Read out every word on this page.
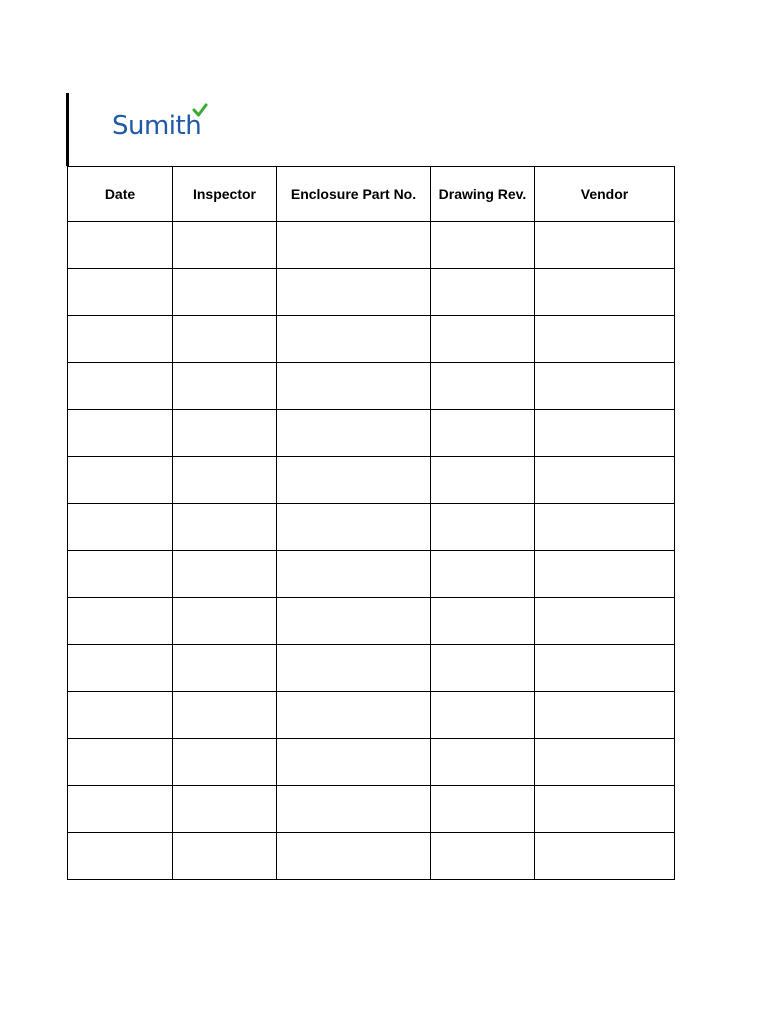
Sumith
Date	Inspector	Enclosure Part No.	Drawing Rev.	Vendor
